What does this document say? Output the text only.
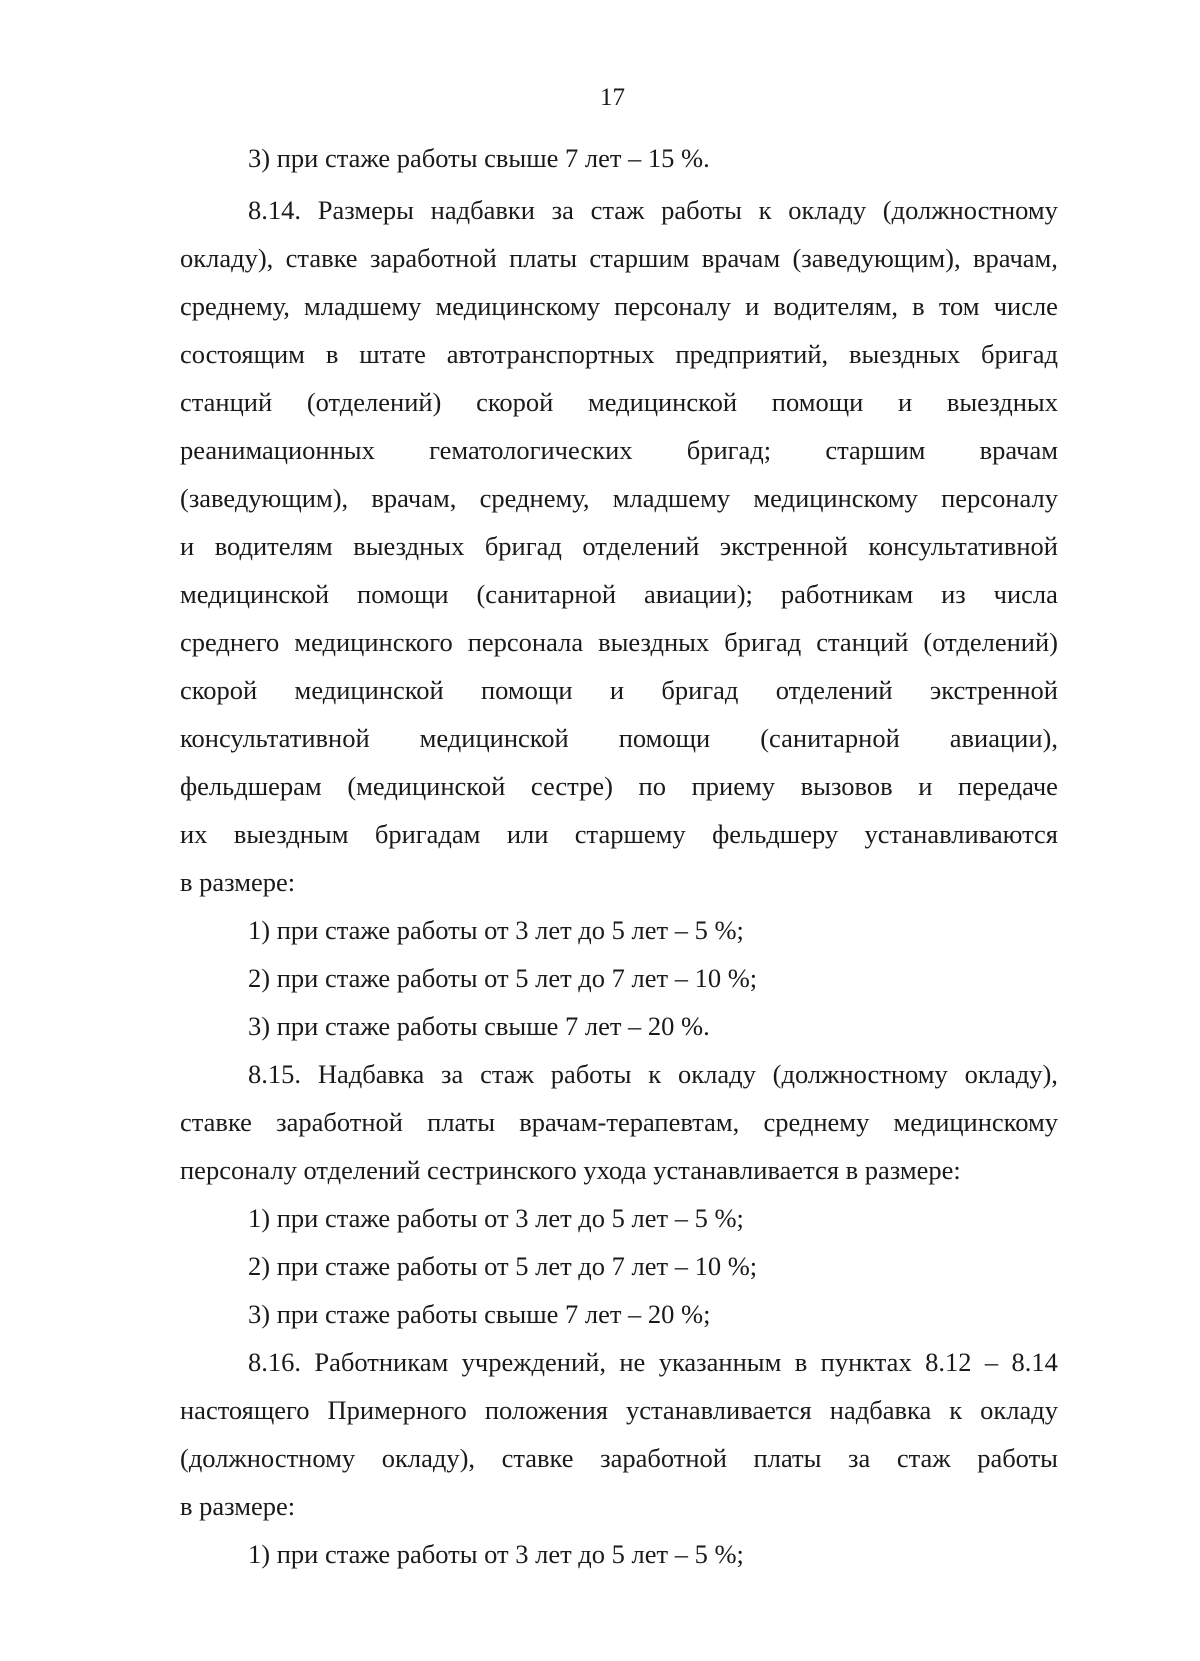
17
3) при стаже работы свыше 7 лет – 15 %.
8.14. Размеры надбавки за стаж работы к окладу (должностному
окладу), ставке заработной платы старшим врачам (заведующим), врачам,
среднему, младшему медицинскому персоналу и водителям, в том числе
состоящим в штате автотранспортных предприятий, выездных бригад
станций (отделений) скорой медицинской помощи и выездных
реанимационных гематологических бригад; старшим врачам
(заведующим), врачам, среднему, младшему медицинскому персоналу
и водителям выездных бригад отделений экстренной консультативной
медицинской помощи (санитарной авиации); работникам из числа
среднего медицинского персонала выездных бригад станций (отделений)
скорой медицинской помощи и бригад отделений экстренной
консультативной медицинской помощи (санитарной авиации),
фельдшерам (медицинской сестре) по приему вызовов и передаче
их выездным бригадам или старшему фельдшеру устанавливаются
в размере:
1) при стаже работы от 3 лет до 5 лет – 5 %;
2) при стаже работы от 5 лет до 7 лет – 10 %;
3) при стаже работы свыше 7 лет – 20 %.
8.15. Надбавка за стаж работы к окладу (должностному окладу),
ставке заработной платы врачам-терапевтам, среднему медицинскому
персоналу отделений сестринского ухода устанавливается в размере:
1) при стаже работы от 3 лет до 5 лет – 5 %;
2) при стаже работы от 5 лет до 7 лет – 10 %;
3) при стаже работы свыше 7 лет – 20 %;
8.16. Работникам учреждений, не указанным в пунктах 8.12 – 8.14
настоящего Примерного положения устанавливается надбавка к окладу
(должностному окладу), ставке заработной платы за стаж работы
в размере:
1) при стаже работы от 3 лет до 5 лет – 5 %;
